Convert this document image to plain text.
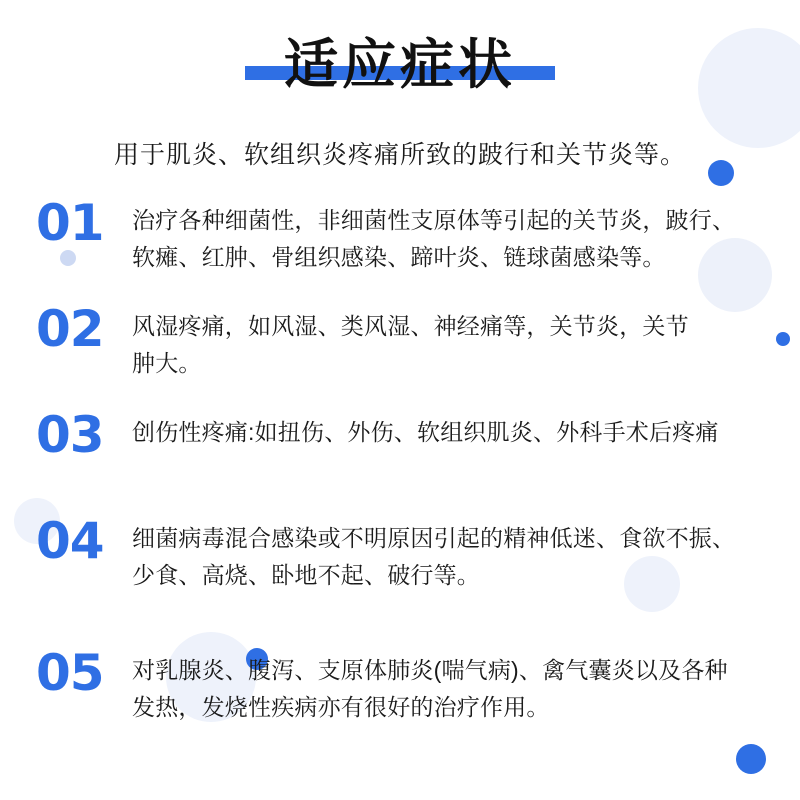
适应症状
用于肌炎、软组织炎疼痛所致的跛行和关节炎等。
01	治疗各种细菌性，非细菌性支原体等引起的关节炎，跛行、
软瘫、红肿、骨组织感染、蹄叶炎、链球菌感染等。
02	风湿疼痛，如风湿、类风湿、神经痛等，关节炎，关节
肿大。
03	创伤性疼痛:如扭伤、外伤、软组织肌炎、外科手术后疼痛
04	细菌病毒混合感染或不明原因引起的精神低迷、食欲不振、
少食、高烧、卧地不起、破行等。
05	对乳腺炎、腹泻、支原体肺炎(喘气病)、禽气囊炎以及各种
发热，发烧性疾病亦有很好的治疗作用。
